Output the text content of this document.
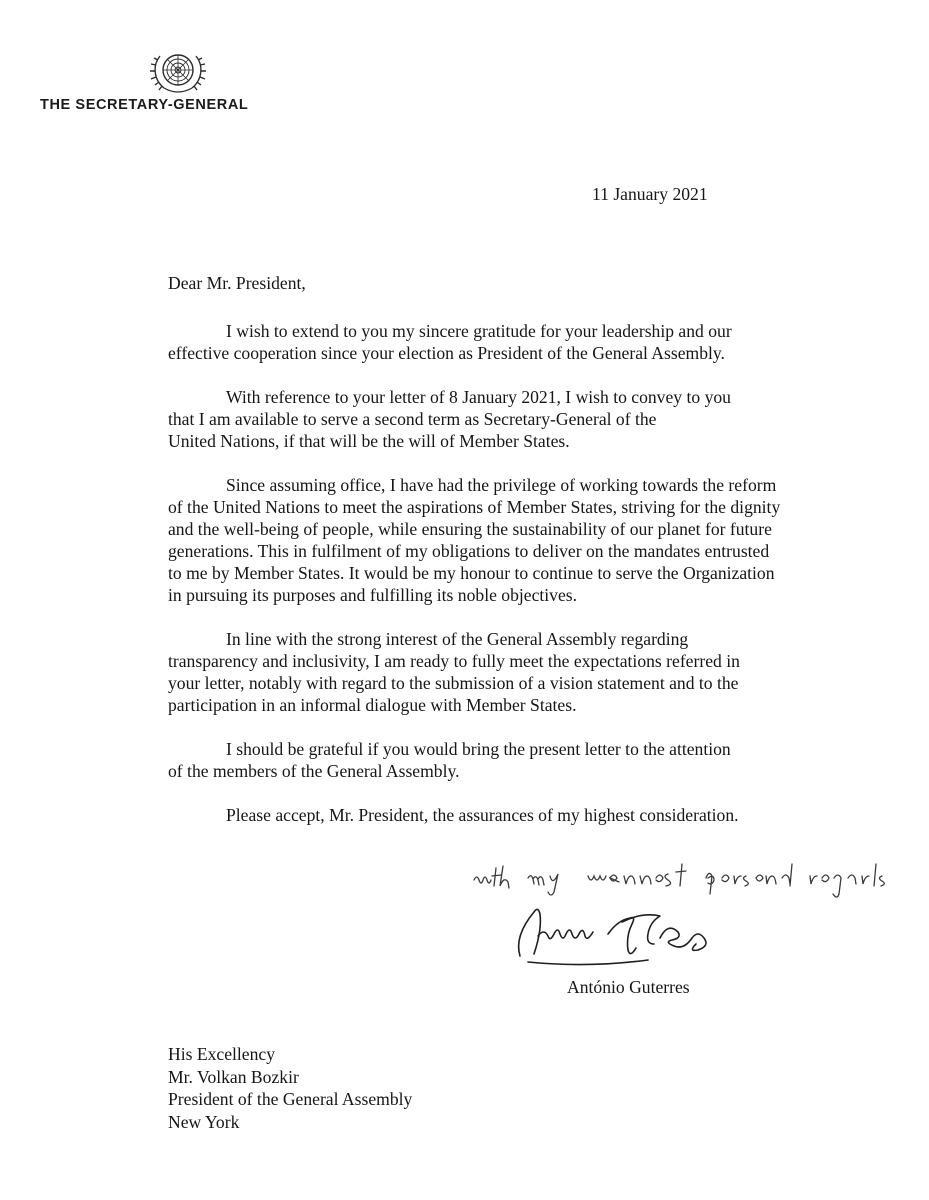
THE SECRETARY-GENERAL
11 January 2021

Dear Mr. President,

I wish to extend to you my sincere gratitude for your leadership and our
effective cooperation since your election as President of the General Assembly.
With reference to your letter of 8 January 2021, I wish to convey to you
that I am available to serve a second term as Secretary-General of the
United Nations, if that will be the will of Member States.
Since assuming office, I have had the privilege of working towards the reform
of the United Nations to meet the aspirations of Member States, striving for the dignity
and the well-being of people, while ensuring the sustainability of our planet for future
generations. This in fulfilment of my obligations to deliver on the mandates entrusted
to me by Member States. It would be my honour to continue to serve the Organization
in pursuing its purposes and fulfilling its noble objectives.
In line with the strong interest of the General Assembly regarding
transparency and inclusivity, I am ready to fully meet the expectations referred in
your letter, notably with regard to the submission of a vision statement and to the
participation in an informal dialogue with Member States.
I should be grateful if you would bring the present letter to the attention
of the members of the General Assembly.

Please accept, Mr. President, the assurances of my highest consideration.

António Guterres
His Excellency
Mr. Volkan Bozkir
President of the General Assembly
New York
